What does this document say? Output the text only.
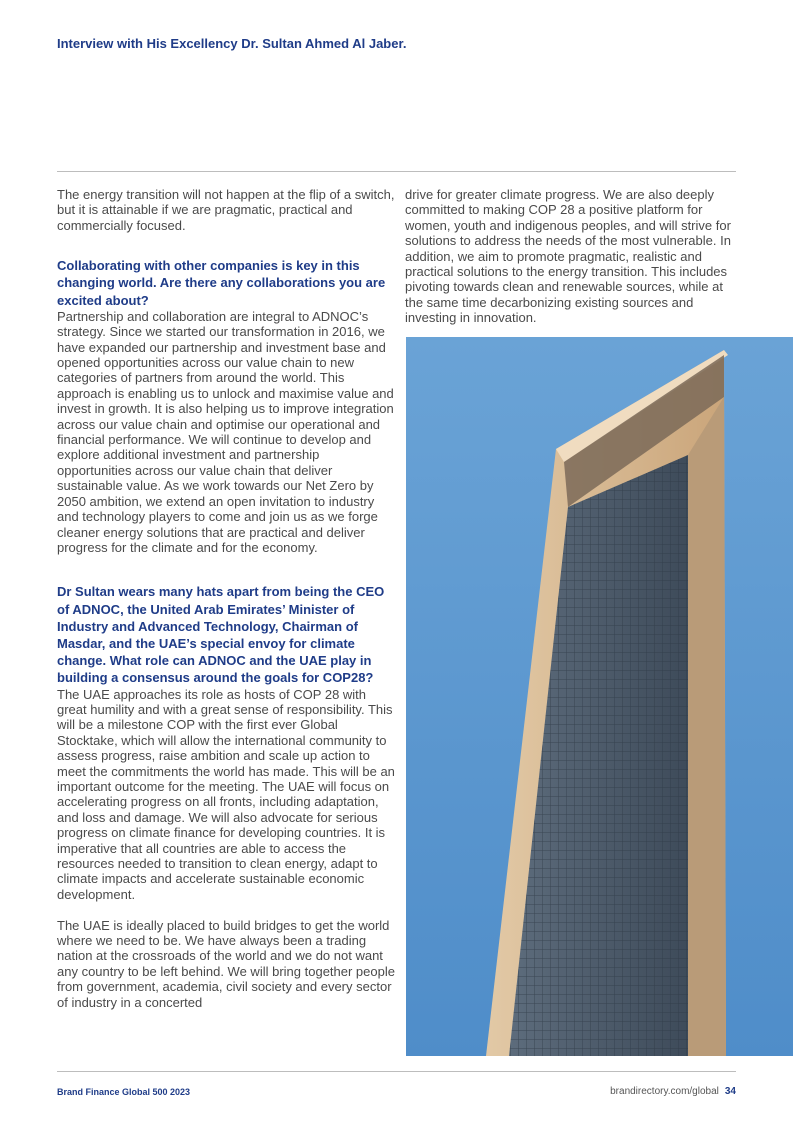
Interview with His Excellency Dr. Sultan Ahmed Al Jaber.

The energy transition will not happen at the flip of a switch, but it is attainable if we are pragmatic, practical and commercially focused.

Collaborating with other companies is key in this changing world. Are there any collaborations you are excited about?

Partnership and collaboration are integral to ADNOC’s strategy. Since we started our transformation in 2016, we have expanded our partnership and investment base and opened opportunities across our value chain to new categories of partners from around the world. This approach is enabling us to unlock and maximise value and invest in growth. It is also helping us to improve integration across our value chain and optimise our operational and financial performance. We will continue to develop and explore additional investment and partnership opportunities across our value chain that deliver sustainable value. As we work towards our Net Zero by 2050 ambition, we extend an open invitation to industry and technology players to come and join us as we forge cleaner energy solutions that are practical and deliver progress for the climate and for the economy.

Dr Sultan wears many hats apart from being the CEO of ADNOC, the United Arab Emirates’ Minister of Industry and Advanced Technology, Chairman of Masdar, and the UAE’s special envoy for climate change. What role can ADNOC and the UAE play in building a consensus around the goals for COP28?

The UAE approaches its role as hosts of COP 28 with great humility and with a great sense of responsibility. This will be a milestone COP with the first ever Global Stocktake, which will allow the international community to assess progress, raise ambition and scale up action to meet the commitments the world has made. This will be an important outcome for the meeting. The UAE will focus on accelerating progress on all fronts, including adaptation, and loss and damage. We will also advocate for serious progress on climate finance for developing countries. It is imperative that all countries are able to access the resources needed to transition to clean energy, adapt to climate impacts and accelerate sustainable economic development.

The UAE is ideally placed to build bridges to get the world where we need to be. We have always been a trading nation at the crossroads of the world and we do not want any country to be left behind. We will bring together people from government, academia, civil society and every sector of industry in a concerted

drive for greater climate progress. We are also deeply committed to making COP 28 a positive platform for women, youth and indigenous peoples, and will strive for solutions to address the needs of the most vulnerable. In addition, we aim to promote pragmatic, realistic and practical solutions to the energy transition. This includes pivoting towards clean and renewable sources, while at the same time decarbonizing existing sources and investing in innovation.

Brand Finance Global 500 2023	brandirectory.com/global 34
